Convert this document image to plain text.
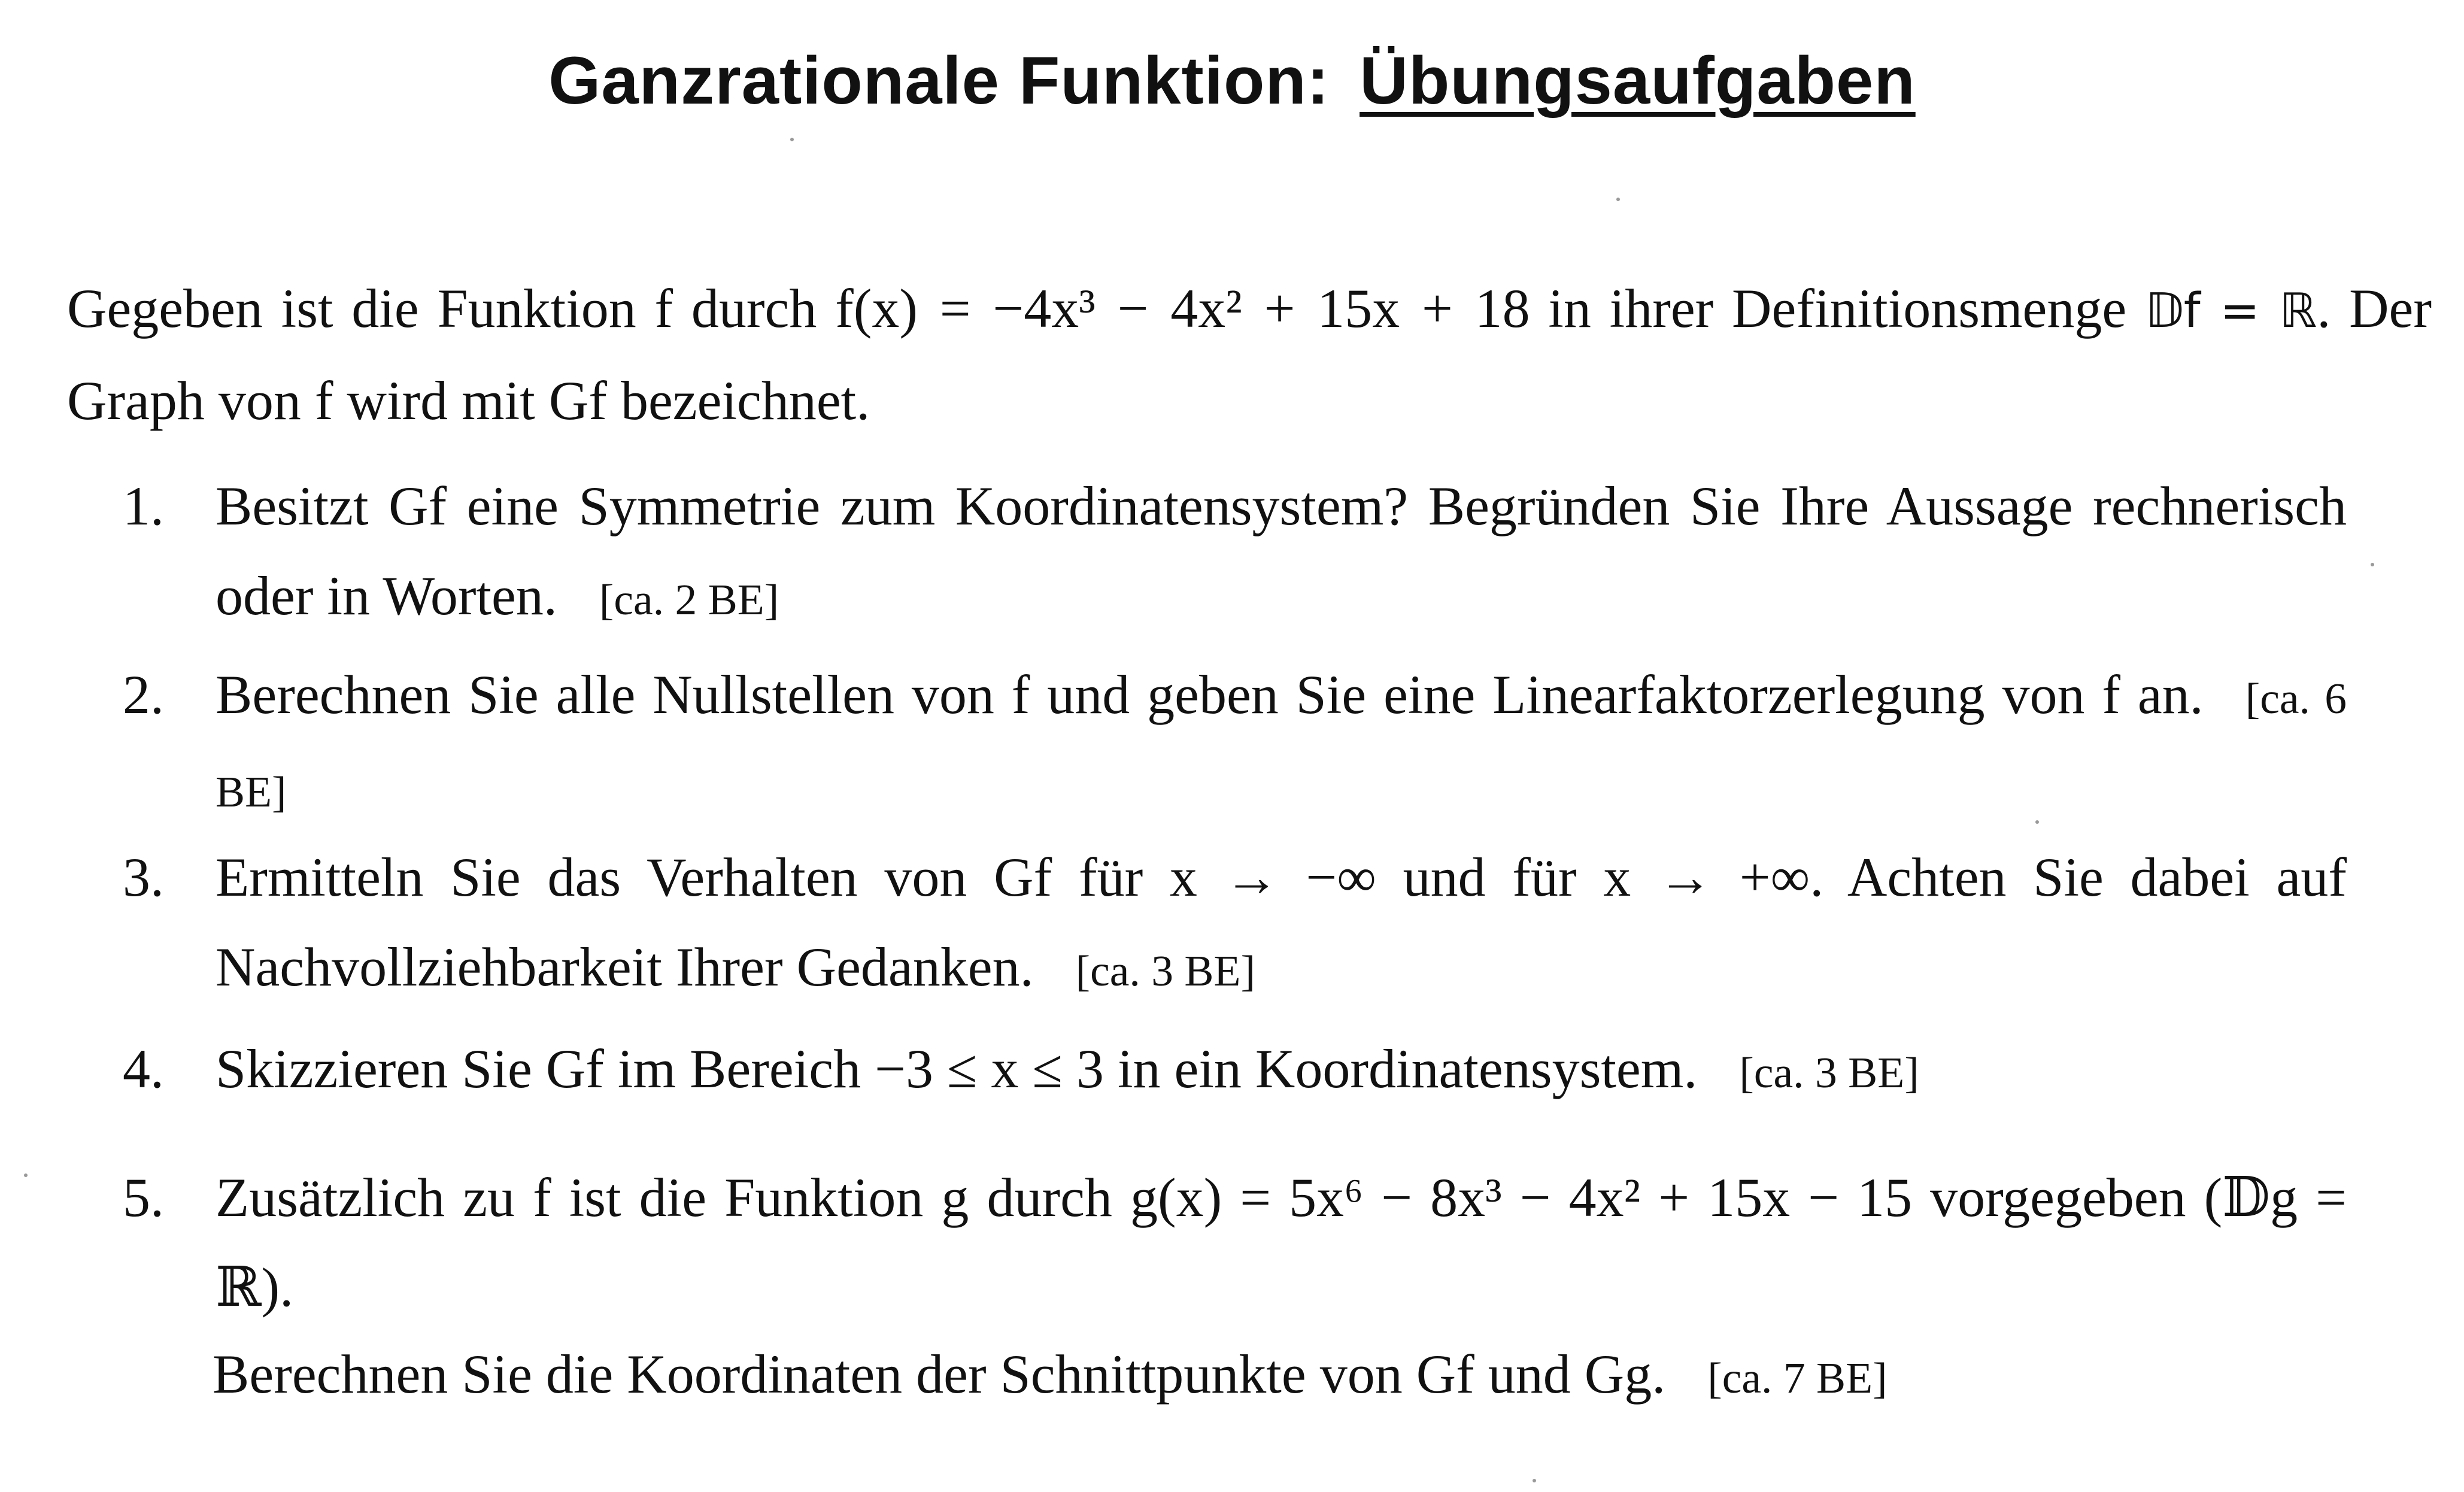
Ganzrationale Funktion: Übungsaufgaben
Gegeben ist die Funktion f durch f(x) = −4x³ − 4x² + 15x + 18 in ihrer Definitionsmenge 𝔻f = ℝ. Der Graph von f wird mit Gf bezeichnet.
1. Besitzt Gf eine Symmetrie zum Koordinatensystem? Begründen Sie Ihre Aussage rechnerisch oder in Worten. [ca. 2 BE]
2. Berechnen Sie alle Nullstellen von f und geben Sie eine Linearfaktorzerlegung von f an. [ca. 6 BE]
3. Ermitteln Sie das Verhalten von Gf für x → −∞ und für x → +∞. Achten Sie dabei auf Nachvollziehbarkeit Ihrer Gedanken. [ca. 3 BE]
4. Skizzieren Sie Gf im Bereich −3 ≤ x ≤ 3 in ein Koordinatensystem. [ca. 3 BE]
5. Zusätzlich zu f ist die Funktion g durch g(x) = 5x⁶ − 8x³ − 4x² + 15x − 15 vorgegeben (𝔻g = ℝ).
Berechnen Sie die Koordinaten der Schnittpunkte von Gf und Gg. [ca. 7 BE]
